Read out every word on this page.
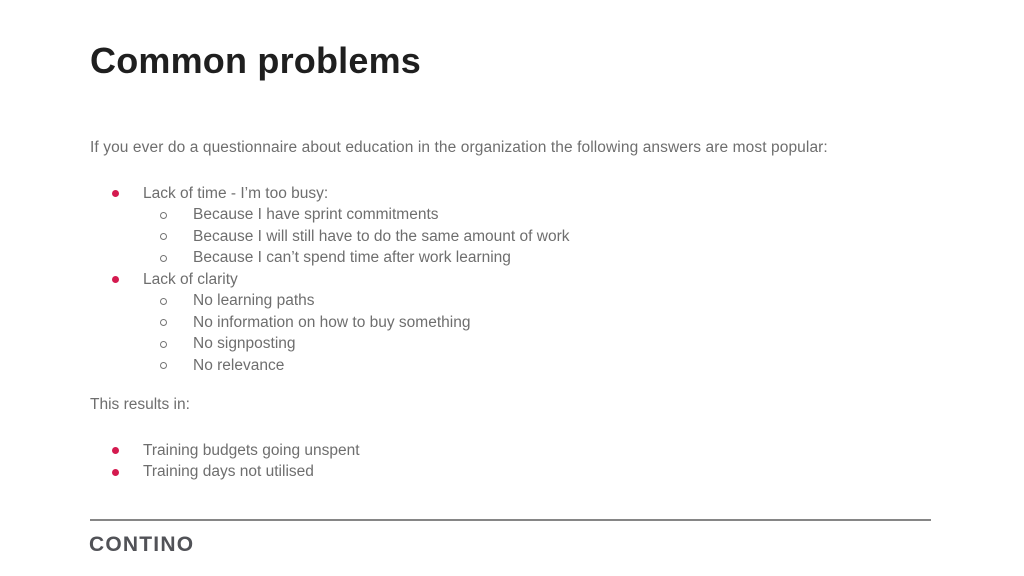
Common problems
If you ever do a questionnaire about education in the organization the following answers are most popular:
Lack of time - I’m too busy:
Because I have sprint commitments
Because I will still have to do the same amount of work
Because I can’t spend time after work learning
Lack of clarity
No learning paths
No information on how to buy something
No signposting
No relevance
This results in:
Training budgets going unspent
Training days not utilised
CONTINO
